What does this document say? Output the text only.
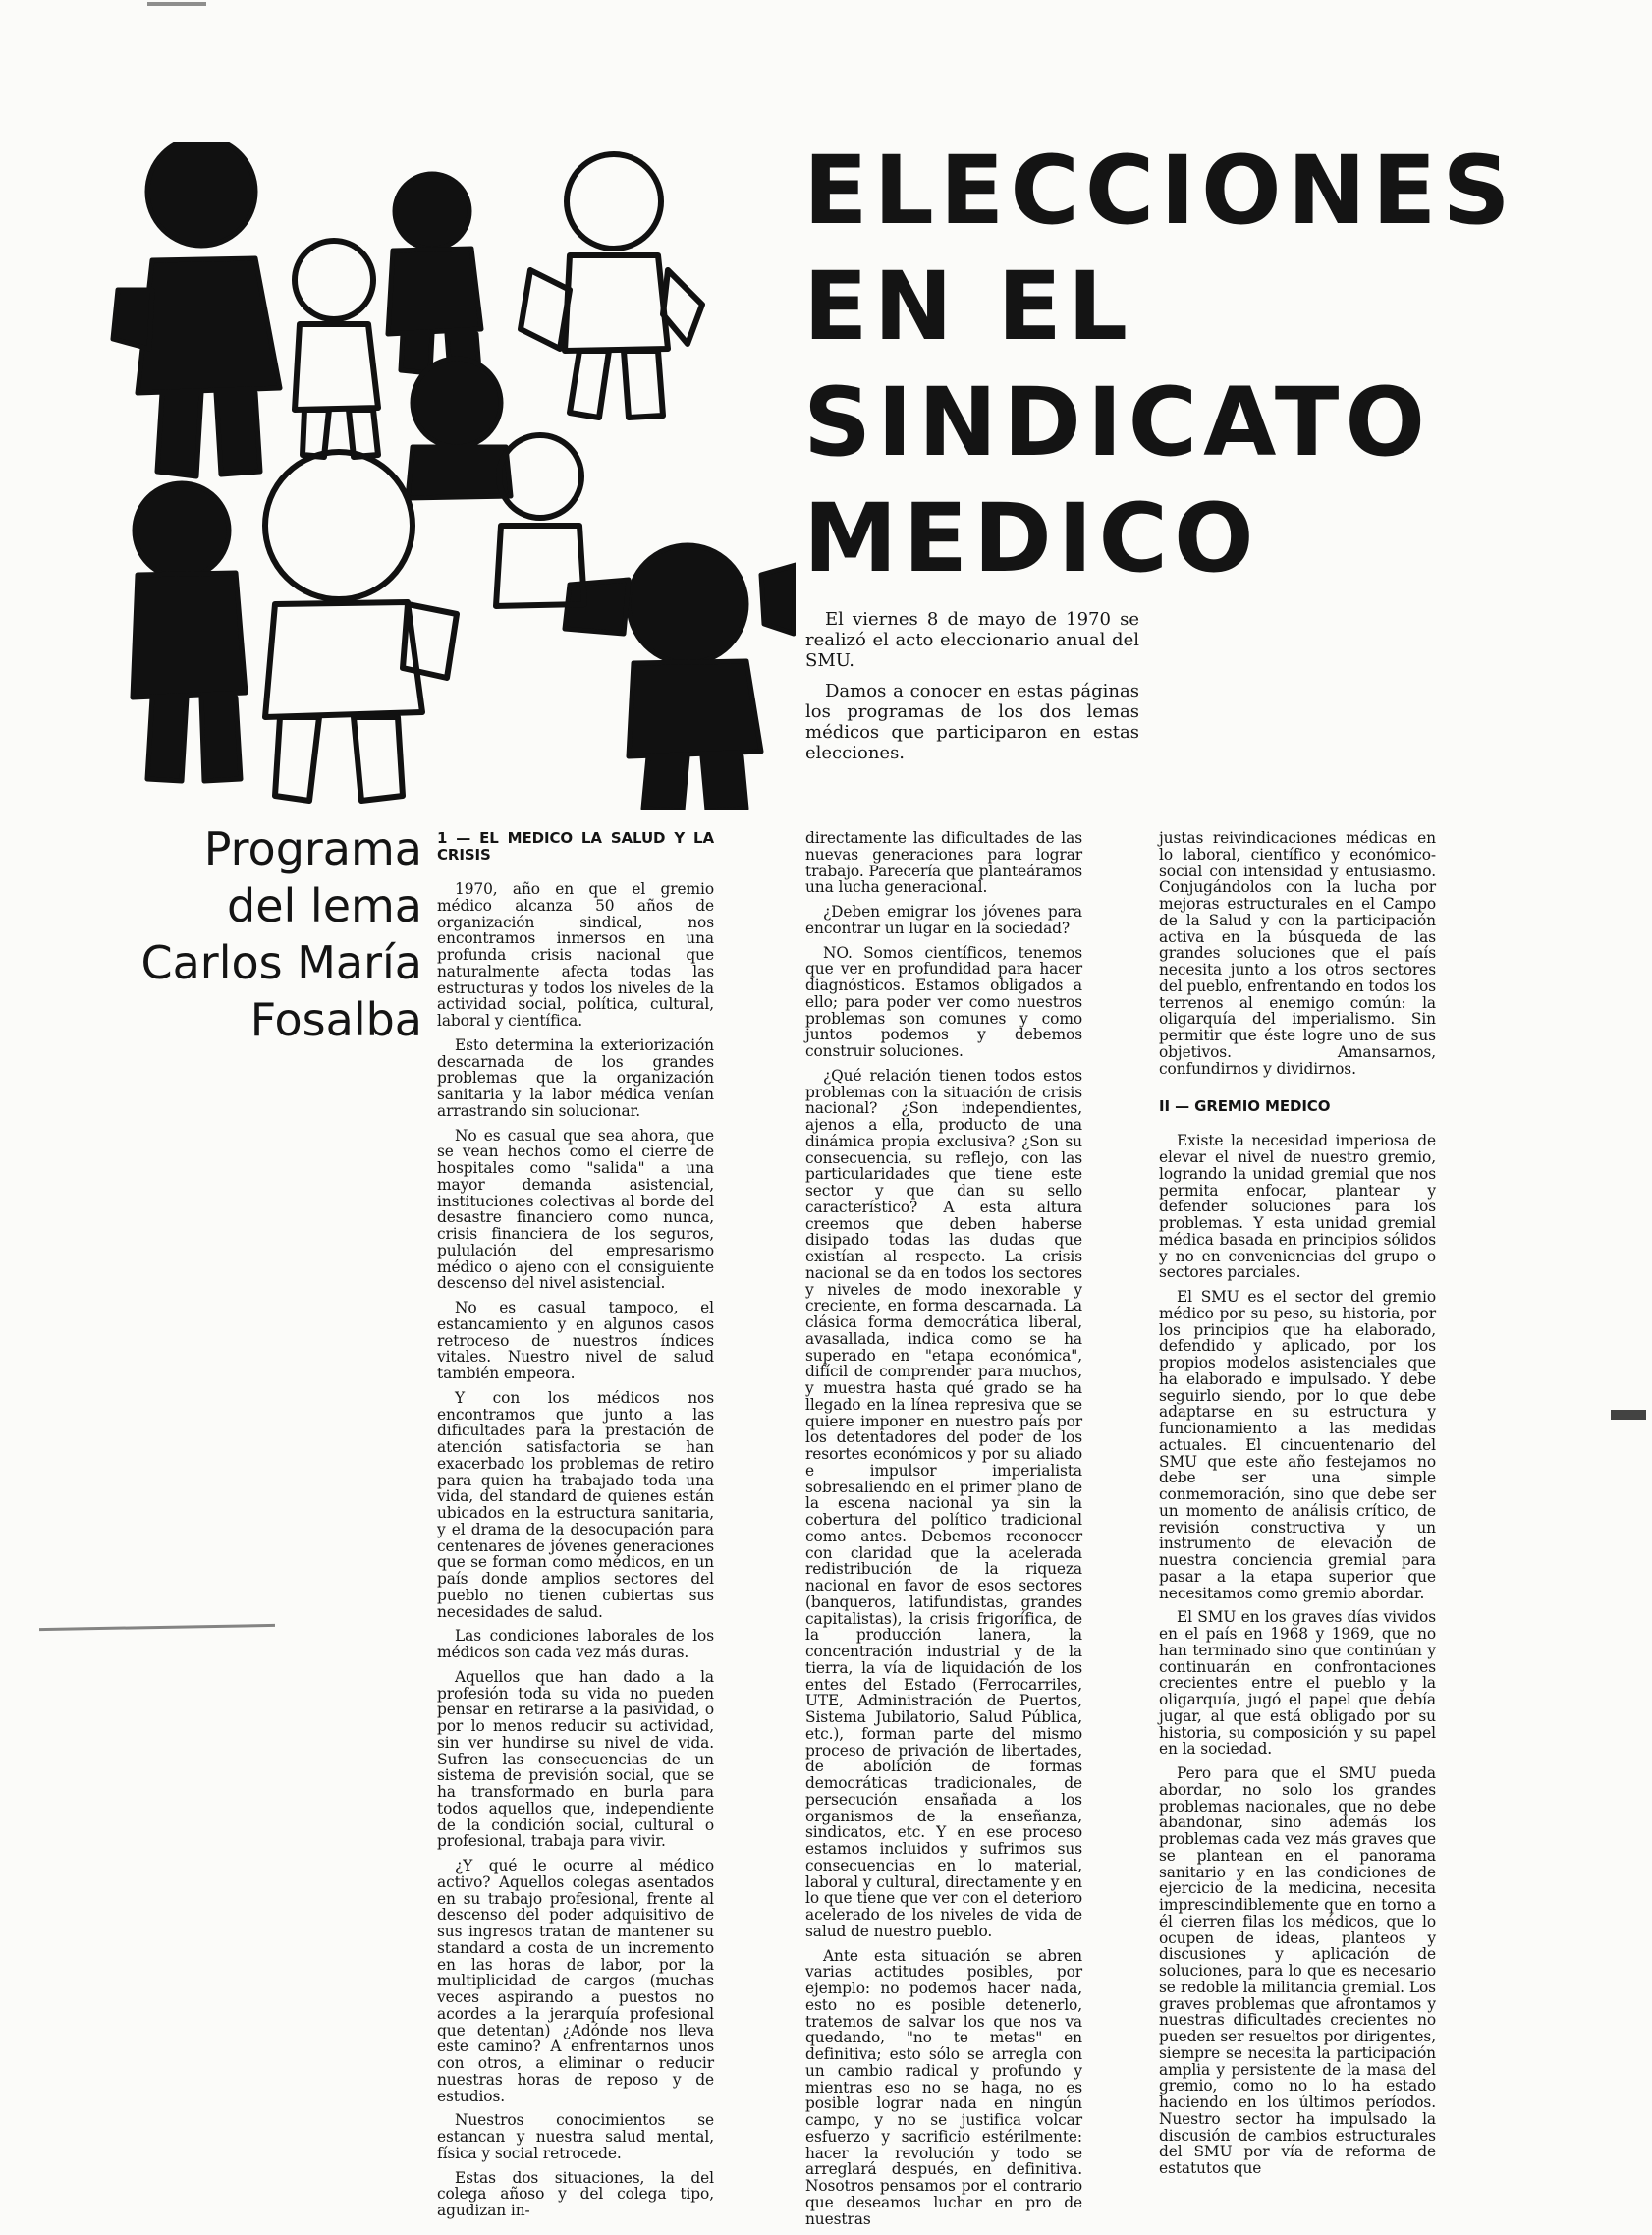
ELECCIONES
EN EL
SINDICATO
MEDICO

El viernes 8 de mayo de 1970 se realizó el acto eleccionario anual del SMU.

Damos a conocer en estas páginas los programas de los dos lemas médicos que participaron en estas elecciones.

Programa
del lema
Carlos María
Fosalba
1 — EL MEDICO LA SALUD Y LA CRISIS

1970, año en que el gremio médico alcanza 50 años de organización sindical, nos encontramos inmersos en una profunda crisis nacional que naturalmente afecta todas las estructuras y todos los niveles de la actividad social, política, cultural, laboral y científica.

Esto determina la exteriorización descarnada de los grandes problemas que la organización sanitaria y la labor médica venían arrastrando sin solucionar.

No es casual que sea ahora, que se vean hechos como el cierre de hospitales como "salida" a una mayor demanda asistencial, instituciones colectivas al borde del desastre financiero como nunca, crisis financiera de los seguros, pululación del empresarismo médico o ajeno con el consiguiente descenso del nivel asistencial.

No es casual tampoco, el estancamiento y en algunos casos retroceso de nuestros índices vitales. Nuestro nivel de salud también empeora.

Y con los médicos nos encontramos que junto a las dificultades para la prestación de atención satisfactoria se han exacerbado los problemas de retiro para quien ha trabajado toda una vida, del standard de quienes están ubicados en la estructura sanitaria, y el drama de la desocupación para centenares de jóvenes generaciones que se forman como médicos, en un país donde amplios sectores del pueblo no tienen cubiertas sus necesidades de salud.

Las condiciones laborales de los médicos son cada vez más duras.

Aquellos que han dado a la profesión toda su vida no pueden pensar en retirarse a la pasividad, o por lo menos reducir su actividad, sin ver hundirse su nivel de vida. Sufren las consecuencias de un sistema de previsión social, que se ha transformado en burla para todos aquellos que, independiente de la condición social, cultural o profesional, trabaja para vivir.

¿Y qué le ocurre al médico activo? Aquellos colegas asentados en su trabajo profesional, frente al descenso del poder adquisitivo de sus ingresos tratan de mantener su standard a costa de un incremento en las horas de labor, por la multiplicidad de cargos (muchas veces aspirando a puestos no acordes a la jerarquía profesional que detentan) ¿Adónde nos lleva este camino? A enfrentarnos unos con otros, a eliminar o reducir nuestras horas de reposo y de estudios.

Nuestros conocimientos se estancan y nuestra salud mental, física y social retrocede.

Estas dos situaciones, la del colega añoso y del colega tipo, agudizan in-

directamente las dificultades de las nuevas generaciones para lograr trabajo. Parecería que planteáramos una lucha generacional.

¿Deben emigrar los jóvenes para encontrar un lugar en la sociedad?

NO. Somos científicos, tenemos que ver en profundidad para hacer diagnósticos. Estamos obligados a ello; para poder ver como nuestros problemas son comunes y como juntos podemos y debemos construir soluciones.

¿Qué relación tienen todos estos problemas con la situación de crisis nacional? ¿Son independientes, ajenos a ella, producto de una dinámica propia exclusiva? ¿Son su consecuencia, su reflejo, con las particularidades que tiene este sector y que dan su sello característico? A esta altura creemos que deben haberse disipado todas las dudas que existían al respecto. La crisis nacional se da en todos los sectores y niveles de modo inexorable y creciente, en forma descarnada. La clásica forma democrática liberal, avasallada, indica como se ha superado en "etapa económica", difícil de comprender para muchos, y muestra hasta qué grado se ha llegado en la línea represiva que se quiere imponer en nuestro país por los detentadores del poder de los resortes económicos y por su aliado e impulsor imperialista sobresaliendo en el primer plano de la escena nacional ya sin la cobertura del político tradicional como antes. Debemos reconocer con claridad que la acelerada redistribución de la riqueza nacional en favor de esos sectores (banqueros, latifundistas, grandes capitalistas), la crisis frigorífica, de la producción lanera, la concentración industrial y de la tierra, la vía de liquidación de los entes del Estado (Ferrocarriles, UTE, Administración de Puertos, Sistema Jubilatorio, Salud Pública, etc.), forman parte del mismo proceso de privación de libertades, de abolición de formas democráticas tradicionales, de persecución ensañada a los organismos de la enseñanza, sindicatos, etc. Y en ese proceso estamos incluidos y sufrimos sus consecuencias en lo material, laboral y cultural, directamente y en lo que tiene que ver con el deterioro acelerado de los niveles de vida de salud de nuestro pueblo.

Ante esta situación se abren varias actitudes posibles, por ejemplo: no podemos hacer nada, esto no es posible detenerlo, tratemos de salvar los que nos va quedando, "no te metas" en definitiva; esto sólo se arregla con un cambio radical y profundo y mientras eso no se haga, no es posible lograr nada en ningún campo, y no se justifica volcar esfuerzo y sacrificio estérilmente: hacer la revolución y todo se arreglará después, en definitiva. Nosotros pensamos por el contrario que deseamos luchar en pro de nuestras

justas reivindicaciones médicas en lo laboral, científico y económico-social con intensidad y entusiasmo. Conjugándolos con la lucha por mejoras estructurales en el Campo de la Salud y con la participación activa en la búsqueda de las grandes soluciones que el país necesita junto a los otros sectores del pueblo, enfrentando en todos los terrenos al enemigo común: la oligarquía del imperialismo. Sin permitir que éste logre uno de sus objetivos. Amansarnos, confundirnos y dividirnos.

II — GREMIO MEDICO

Existe la necesidad imperiosa de elevar el nivel de nuestro gremio, logrando la unidad gremial que nos permita enfocar, plantear y defender soluciones para los problemas. Y esta unidad gremial médica basada en principios sólidos y no en conveniencias del grupo o sectores parciales.

El SMU es el sector del gremio médico por su peso, su historia, por los principios que ha elaborado, defendido y aplicado, por los propios modelos asistenciales que ha elaborado e impulsado. Y debe seguirlo siendo, por lo que debe adaptarse en su estructura y funcionamiento a las medidas actuales. El cincuentenario del SMU que este año festejamos no debe ser una simple conmemoración, sino que debe ser un momento de análisis crítico, de revisión constructiva y un instrumento de elevación de nuestra conciencia gremial para pasar a la etapa superior que necesitamos como gremio abordar.

El SMU en los graves días vividos en el país en 1968 y 1969, que no han terminado sino que continúan y continuarán en confrontaciones crecientes entre el pueblo y la oligarquía, jugó el papel que debía jugar, al que está obligado por su historia, su composición y su papel en la sociedad.

Pero para que el SMU pueda abordar, no solo los grandes problemas nacionales, que no debe abandonar, sino además los problemas cada vez más graves que se plantean en el panorama sanitario y en las condiciones de ejercicio de la medicina, necesita imprescindiblemente que en torno a él cierren filas los médicos, que lo ocupen de ideas, planteos y discusiones y aplicación de soluciones, para lo que es necesario se redoble la militancia gremial. Los graves problemas que afrontamos y nuestras dificultades crecientes no pueden ser resueltos por dirigentes, siempre se necesita la participación amplia y persistente de la masa del gremio, como no lo ha estado haciendo en los últimos períodos. Nuestro sector ha impulsado la discusión de cambios estructurales del SMU por vía de reforma de estatutos que
